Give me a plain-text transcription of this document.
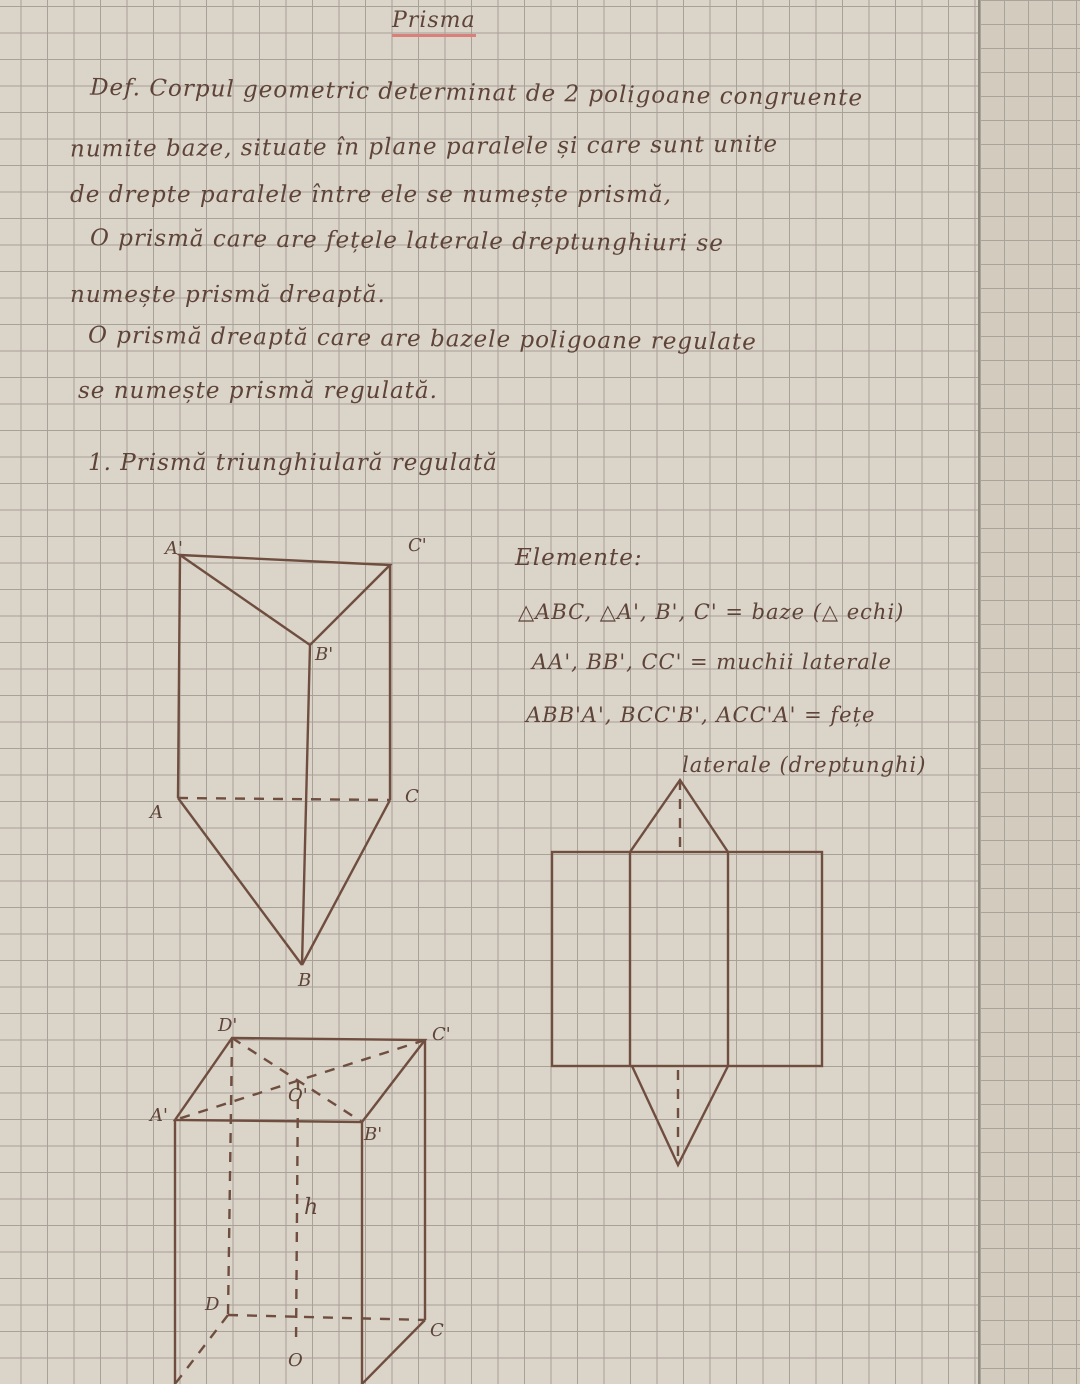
Prisma
Def. Corpul geometric determinat de 2 poligoane congruente
numite baze, situate în plane paralele și care sunt unite
de drepte paralele între ele se numește prismă,
O prismă care are fețele laterale dreptunghiuri se
numește prismă dreaptă.
O prismă dreaptă care are bazele poligoane regulate
se numește prismă regulată.
1. Prismă triunghiulară regulată
Elemente:
△ABC, △A', B', C' = baze (△ echi)
AA', BB', CC' = muchii laterale
ABB'A', BCC'B', ACC'A' = fețe
laterale (dreptunghi)
A'	C'
B'
A
C
B
D'	C'
A'
B'
O'
h
D
C
O
